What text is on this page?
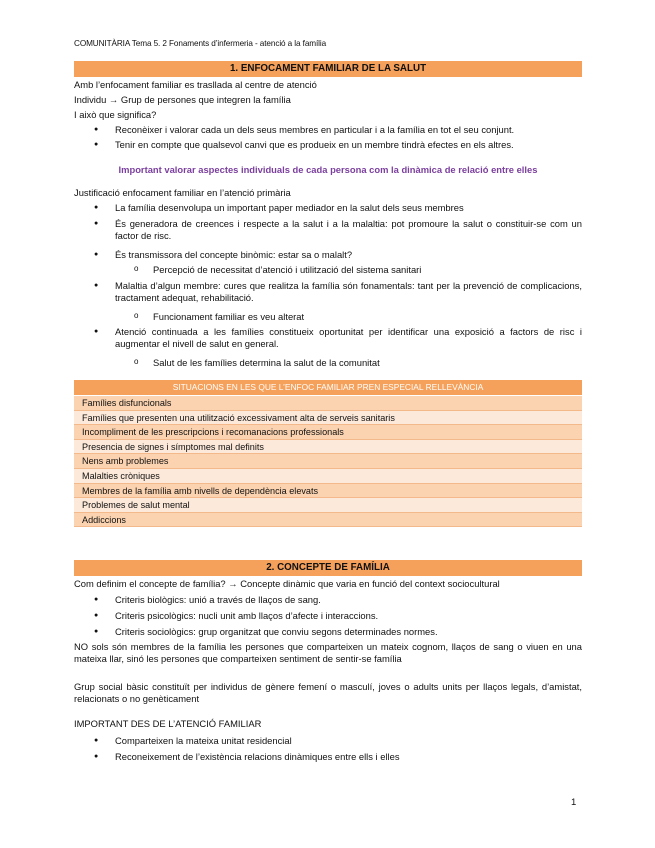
COMUNITÀRIA Tema 5. 2 Fonaments d’infermeria - atenció a la família
1. ENFOCAMENT FAMILIAR DE LA SALUT
Amb l’enfocament familiar es trasllada al centre de atenció
Individu → Grup de persones que integren la família
I això que significa?
● Reconèixer i valorar cada un dels seus membres en particular i a la família en tot el seu conjunt.
● Tenir en compte que qualsevol canvi que es produeix en un membre tindrà efectes en els altres.
Important valorar aspectes individuals de cada persona com la dinàmica de relació entre elles
Justificació enfocament familiar en l’atenció primària
● La família desenvolupa un important paper mediador en la salut dels seus membres
● És generadora de creences i respecte a la salut i a la malaltia: pot promoure la salut o constituir-se com un factor de risc.
● És transmissora del concepte binòmic: estar sa o malalt?
o Percepció de necessitat d’atenció i utilització del sistema sanitari
● Malaltia d’algun membre: cures que realitza la família són fonamentals: tant per la prevenció de complicacions, tractament adequat, rehabilitació.
o Funcionament familiar es veu alterat
● Atenció continuada a les famílies constitueix oportunitat per identificar una exposició a factors de risc i augmentar el nivell de salut en general.
o Salut de les famílies determina la salut de la comunitat
SITUACIONS EN LES QUE L’ENFOC FAMILIAR PREN ESPECIAL RELLEVÀNCIA
Famílies disfuncionals
Famílies que presenten una utilització excessivament alta de serveis sanitaris
Incompliment de les prescripcions i recomanacions professionals
Presencia de signes i símptomes mal definits
Nens amb problemes
Malalties cròniques
Membres de la família amb nivells de dependència elevats
Problemes de salut mental
Addiccions
2. CONCEPTE DE FAMÍLIA
Com definim el concepte de família? → Concepte dinàmic que varia en funció del context sociocultural
● Criteris biològics: unió a través de llaços de sang.
● Criteris psicològics: nucli unit amb llaços d’afecte i interaccions.
● Criteris sociològics: grup organitzat que conviu segons determinades normes.
NO sols són membres de la família les persones que comparteixen un mateix cognom, llaços de sang o viuen en una mateixa llar, sinó les persones que comparteixen sentiment de sentir-se família
Grup social bàsic constituït per individus de gènere femení o masculí, joves o adults units per llaços legals, d’amistat, relacionats o no genèticament
IMPORTANT DES DE L’ATENCIÓ FAMILIAR
● Comparteixen la mateixa unitat residencial
● Reconeixement de l’existència relacions dinàmiques entre ells i elles
1
